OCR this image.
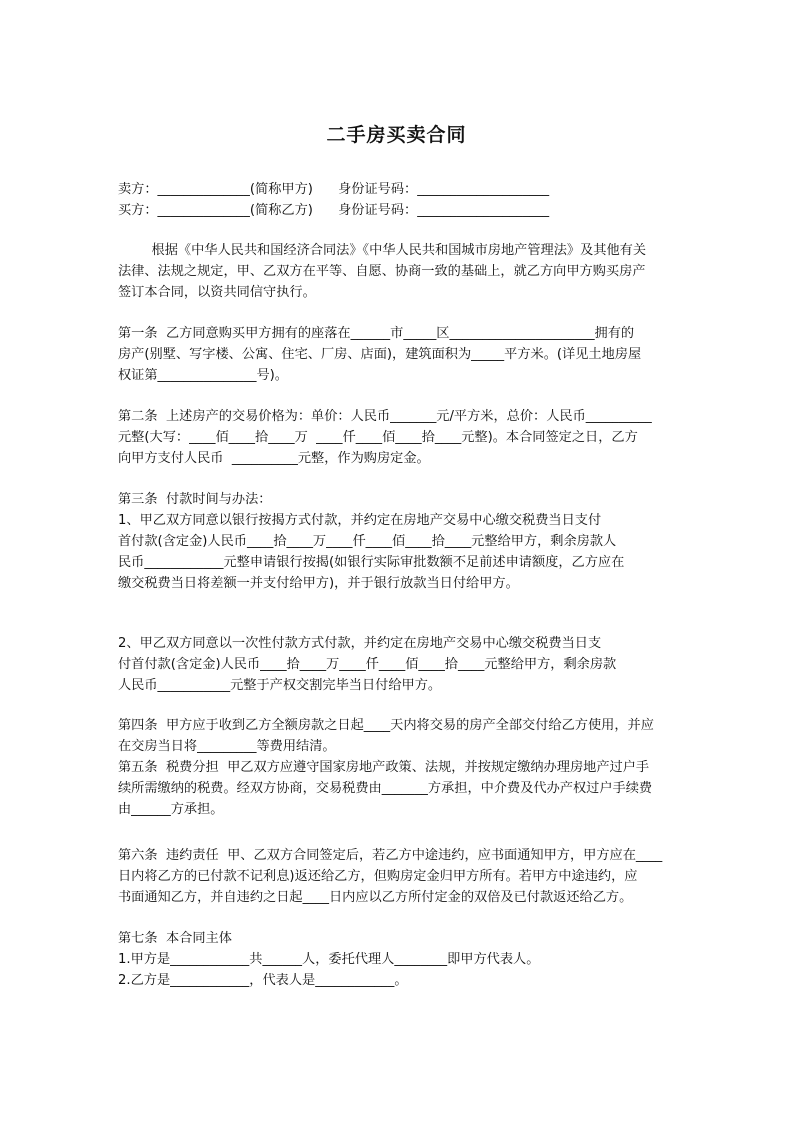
二手房买卖合同
卖方：______________(简称甲方)      身份证号码：____________________
买方：______________(简称乙方)      身份证号码：____________________
根据《中华人民共和国经济合同法》《中华人民共和国城市房地产管理法》及其他有关
法律、法规之规定，甲、乙双方在平等、自愿、协商一致的基础上，就乙方向甲方购买房产
签订本合同，以资共同信守执行。
第一条  乙方同意购买甲方拥有的座落在______市_____区______________________拥有的
房产(别墅、写字楼、公寓、住宅、厂房、店面)，建筑面积为_____平方米。(详见土地房屋
权证第_______________号)。
第二条  上述房产的交易价格为：单价：人民币_______元/平方米，总价：人民币__________
元整(大写：____佰____拾____万  ____仟____佰____拾____元整)。本合同签定之日，乙方
向甲方支付人民币  __________元整，作为购房定金。
第三条  付款时间与办法：
1、甲乙双方同意以银行按揭方式付款，并约定在房地产交易中心缴交税费当日支付
首付款(含定金)人民币____拾____万____仟____佰____拾____元整给甲方，剩余房款人
民币____________元整申请银行按揭(如银行实际审批数额不足前述申请额度，乙方应在
缴交税费当日将差额一并支付给甲方)，并于银行放款当日付给甲方。
2、甲乙双方同意以一次性付款方式付款，并约定在房地产交易中心缴交税费当日支
付首付款(含定金)人民币____拾____万____仟____佰____拾____元整给甲方，剩余房款
人民币___________元整于产权交割完毕当日付给甲方。
第四条  甲方应于收到乙方全额房款之日起____天内将交易的房产全部交付给乙方使用，并应
在交房当日将_________等费用结清。
第五条  税费分担  甲乙双方应遵守国家房地产政策、法规，并按规定缴纳办理房地产过户手
续所需缴纳的税费。经双方协商，交易税费由_______方承担，中介费及代办产权过户手续费
由______方承担。
第六条  违约责任  甲、乙双方合同签定后，若乙方中途违约，应书面通知甲方，甲方应在____
日内将乙方的已付款不记利息)返还给乙方，但购房定金归甲方所有。若甲方中途违约，应
书面通知乙方，并自违约之日起____日内应以乙方所付定金的双倍及已付款返还给乙方。
第七条  本合同主体
1.甲方是____________共______人，委托代理人________即甲方代表人。
2.乙方是____________，代表人是____________。
